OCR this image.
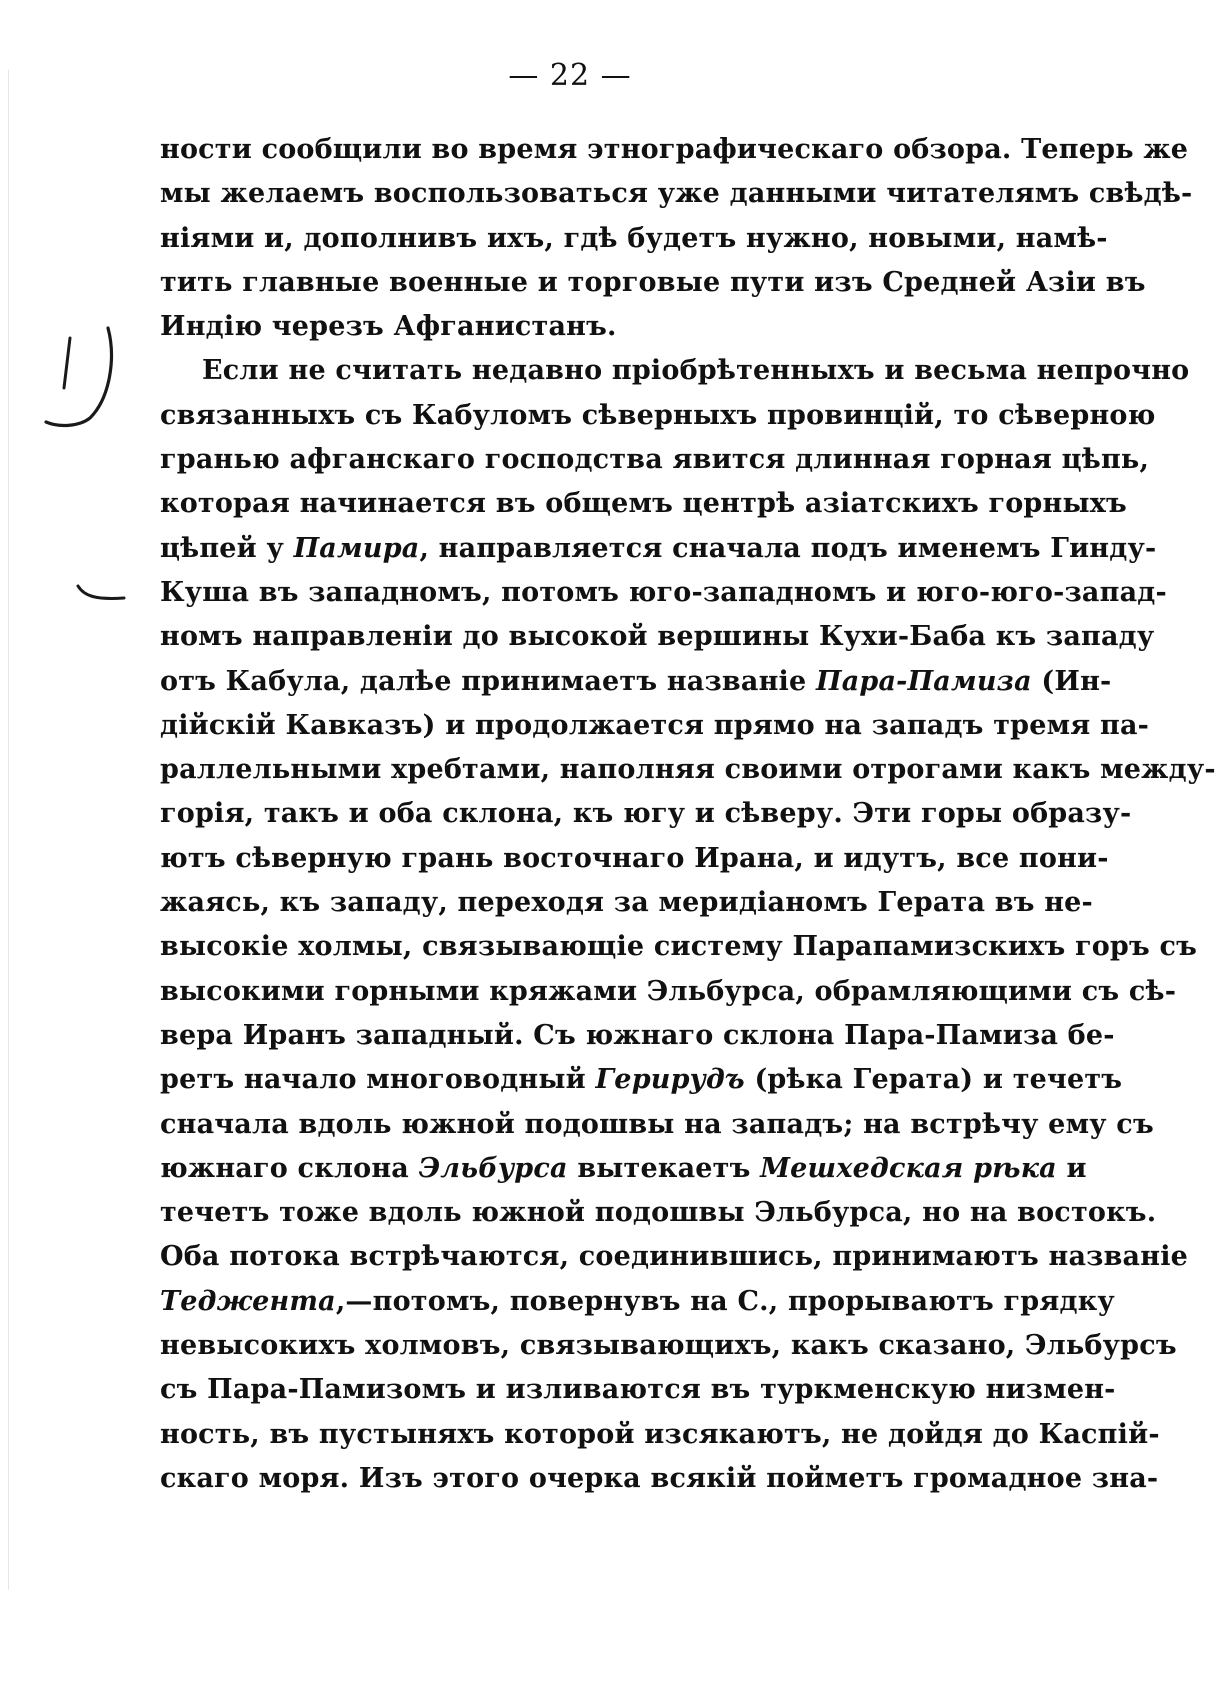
— 22 —
ности сообщили во время этнографическаго обзора. Теперь же
мы желаемъ воспользоваться уже данными читателямъ свѣдѣ-
ніями и, дополнивъ ихъ, гдѣ будетъ нужно, новыми, намѣ-
тить главные военные и торговые пути изъ Средней Азіи въ
Индію черезъ Афганистанъ.
Если не считать недавно пріобрѣтенныхъ и весьма непрочно
связанныхъ съ Кабуломъ сѣверныхъ провинцій, то сѣверною
гранью афганскаго господства явится длинная горная цѣпь,
которая начинается въ общемъ центрѣ азіатскихъ горныхъ
цѣпей у Памира, направляется сначала подъ именемъ Гинду-
Куша въ западномъ, потомъ юго-западномъ и юго-юго-запад-
номъ направленіи до высокой вершины Кухи-Баба къ западу
отъ Кабула, далѣе принимаетъ названіе Пара-Памиза (Ин-
дійскій Кавказъ) и продолжается прямо на западъ тремя па-
раллельными хребтами, наполняя своими отрогами какъ между-
горія, такъ и оба склона, къ югу и сѣверу. Эти горы образу-
ютъ сѣверную грань восточнаго Ирана, и идутъ, все пони-
жаясь, къ западу, переходя за меридіаномъ Герата въ не-
высокіе холмы, связывающіе систему Парапамизскихъ горъ съ
высокими горными кряжами Эльбурса, обрамляющими съ сѣ-
вера Иранъ западный. Съ южнаго склона Пара-Памиза бе-
ретъ начало многоводный Герирудъ (рѣка Герата) и течетъ
сначала вдоль южной подошвы на западъ; на встрѣчу ему съ
южнаго склона Эльбурса вытекаетъ Мешхедская рѣка и
течетъ тоже вдоль южной подошвы Эльбурса, но на востокъ.
Оба потока встрѣчаются, соединившись, принимаютъ названіе
Теджента,—потомъ, повернувъ на С., прорываютъ грядку
невысокихъ холмовъ, связывающихъ, какъ сказано, Эльбурсъ
съ Пара-Памизомъ и изливаются въ туркменскую низмен-
ность, въ пустыняхъ которой изсякаютъ, не дойдя до Каспій-
скаго моря. Изъ этого очерка всякій пойметъ громадное зна-
